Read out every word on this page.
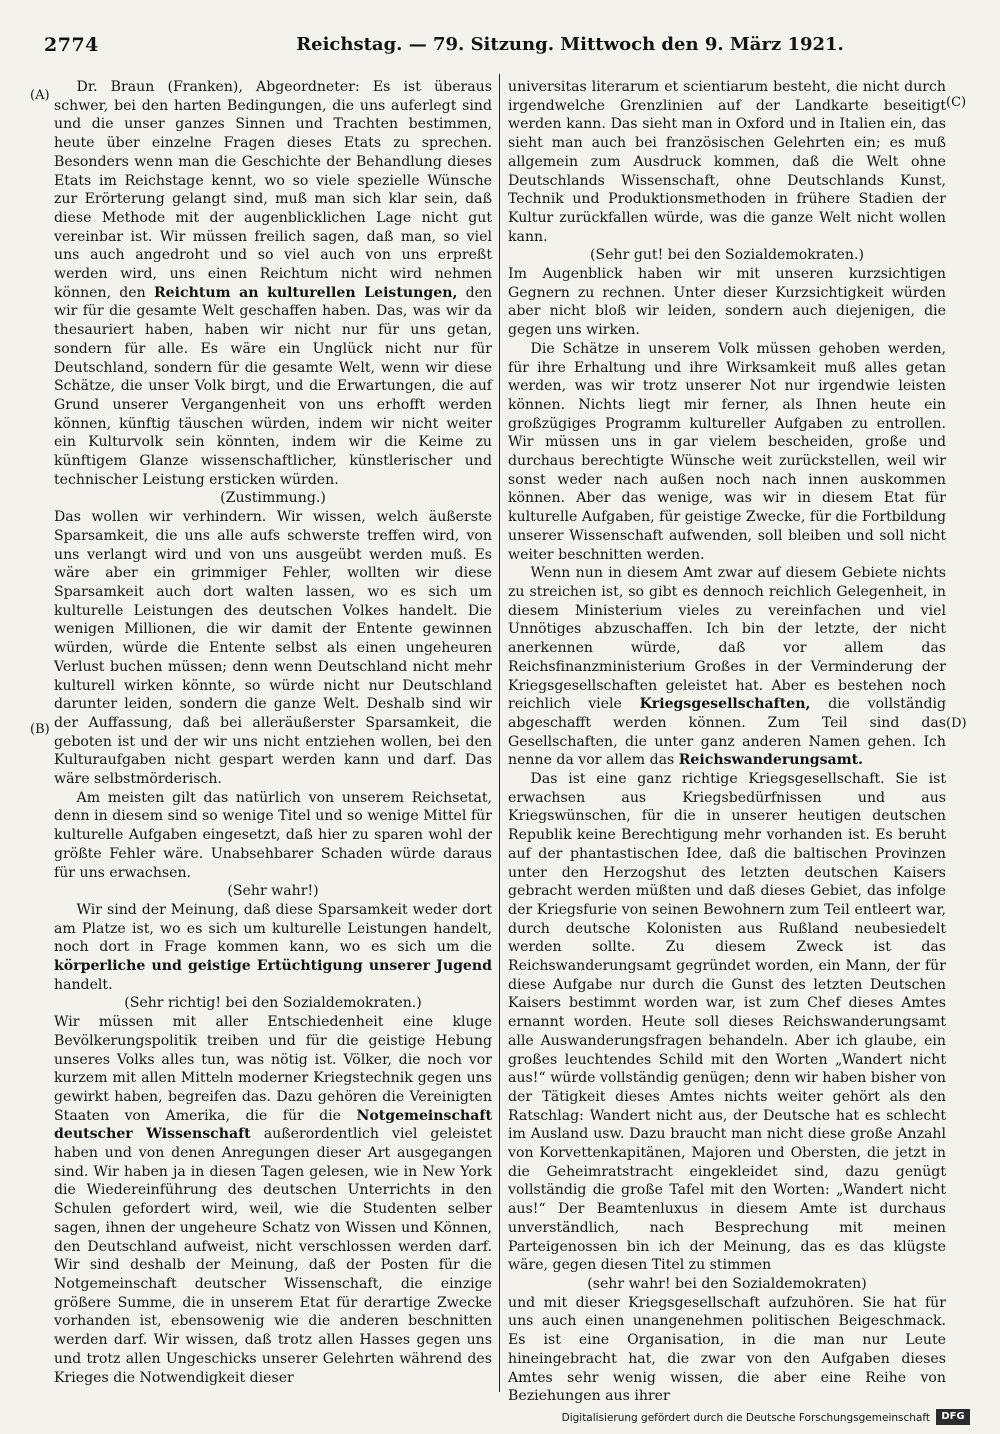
2774	Reichstag. — 79. Sitzung. Mittwoch den 9. März 1921.
(A)
(B)
(C)
(D)

Dr. Braun (Franken), Abgeordneter: Es ist überaus schwer, bei den harten Bedingungen, die uns auferlegt sind und die unser ganzes Sinnen und Trachten bestimmen, heute über einzelne Fragen dieses Etats zu sprechen. Besonders wenn man die Geschichte der Behandlung dieses Etats im Reichstage kennt, wo so viele spezielle Wünsche zur Erörterung gelangt sind, muß man sich klar sein, daß diese Methode mit der augenblicklichen Lage nicht gut vereinbar ist. Wir müssen freilich sagen, daß man, so viel uns auch angedroht und so viel auch von uns erpreßt werden wird, uns einen Reichtum nicht wird nehmen können, den Reichtum an kulturellen Leistungen, den wir für die gesamte Welt geschaffen haben. Das, was wir da thesauriert haben, haben wir nicht nur für uns getan, sondern für alle. Es wäre ein Unglück nicht nur für Deutschland, sondern für die gesamte Welt, wenn wir diese Schätze, die unser Volk birgt, und die Erwartungen, die auf Grund unserer Vergangenheit von uns erhofft werden können, künftig täuschen würden, indem wir nicht weiter ein Kulturvolk sein könnten, indem wir die Keime zu künftigem Glanze wissenschaftlicher, künstlerischer und technischer Leistung ersticken würden.

(Zustimmung.)

Das wollen wir verhindern. Wir wissen, welch äußerste Sparsamkeit, die uns alle aufs schwerste treffen wird, von uns verlangt wird und von uns ausgeübt werden muß. Es wäre aber ein grimmiger Fehler, wollten wir diese Sparsamkeit auch dort walten lassen, wo es sich um kulturelle Leistungen des deutschen Volkes handelt. Die wenigen Millionen, die wir damit der Entente gewinnen würden, würde die Entente selbst als einen ungeheuren Verlust buchen müssen; denn wenn Deutschland nicht mehr kulturell wirken könnte, so würde nicht nur Deutschland darunter leiden, sondern die ganze Welt. Deshalb sind wir der Auffassung, daß bei alleräußerster Sparsamkeit, die geboten ist und der wir uns nicht entziehen wollen, bei den Kulturaufgaben nicht gespart werden kann und darf. Das wäre selbstmörderisch.

Am meisten gilt das natürlich von unserem Reichsetat, denn in diesem sind so wenige Titel und so wenige Mittel für kulturelle Aufgaben eingesetzt, daß hier zu sparen wohl der größte Fehler wäre. Unabsehbarer Schaden würde daraus für uns erwachsen.

(Sehr wahr!)

Wir sind der Meinung, daß diese Sparsamkeit weder dort am Platze ist, wo es sich um kulturelle Leistungen handelt, noch dort in Frage kommen kann, wo es sich um die körperliche und geistige Ertüchtigung unserer Jugend handelt.

(Sehr richtig! bei den Sozialdemokraten.)

Wir müssen mit aller Entschiedenheit eine kluge Bevölkerungspolitik treiben und für die geistige Hebung unseres Volks alles tun, was nötig ist. Völker, die noch vor kurzem mit allen Mitteln moderner Kriegstechnik gegen uns gewirkt haben, begreifen das. Dazu gehören die Vereinigten Staaten von Amerika, die für die Notgemeinschaft deutscher Wissenschaft außerordentlich viel geleistet haben und von denen Anregungen dieser Art ausgegangen sind. Wir haben ja in diesen Tagen gelesen, wie in New York die Wiedereinführung des deutschen Unterrichts in den Schulen gefordert wird, weil, wie die Studenten selber sagen, ihnen der ungeheure Schatz von Wissen und Können, den Deutschland aufweist, nicht verschlossen werden darf. Wir sind deshalb der Meinung, daß der Posten für die Notgemeinschaft deutscher Wissenschaft, die einzige größere Summe, die in unserem Etat für derartige Zwecke vorhanden ist, ebensowenig wie die anderen beschnitten werden darf. Wir wissen, daß trotz allen Hasses gegen uns und trotz allen Ungeschicks unserer Gelehrten während des Krieges die Notwendigkeit dieser

universitas literarum et scientiarum besteht, die nicht durch irgendwelche Grenzlinien auf der Landkarte beseitigt werden kann. Das sieht man in Oxford und in Italien ein, das sieht man auch bei französischen Gelehrten ein; es muß allgemein zum Ausdruck kommen, daß die Welt ohne Deutschlands Wissenschaft, ohne Deutschlands Kunst, Technik und Produktionsmethoden in frühere Stadien der Kultur zurückfallen würde, was die ganze Welt nicht wollen kann.

(Sehr gut! bei den Sozialdemokraten.)

Im Augenblick haben wir mit unseren kurzsichtigen Gegnern zu rechnen. Unter dieser Kurzsichtigkeit würden aber nicht bloß wir leiden, sondern auch diejenigen, die gegen uns wirken.

Die Schätze in unserem Volk müssen gehoben werden, für ihre Erhaltung und ihre Wirksamkeit muß alles getan werden, was wir trotz unserer Not nur irgendwie leisten können. Nichts liegt mir ferner, als Ihnen heute ein großzügiges Programm kultureller Aufgaben zu entrollen. Wir müssen uns in gar vielem bescheiden, große und durchaus berechtigte Wünsche weit zurückstellen, weil wir sonst weder nach außen noch nach innen auskommen können. Aber das wenige, was wir in diesem Etat für kulturelle Aufgaben, für geistige Zwecke, für die Fortbildung unserer Wissenschaft aufwenden, soll bleiben und soll nicht weiter beschnitten werden.

Wenn nun in diesem Amt zwar auf diesem Gebiete nichts zu streichen ist, so gibt es dennoch reichlich Gelegenheit, in diesem Ministerium vieles zu vereinfachen und viel Unnötiges abzuschaffen. Ich bin der letzte, der nicht anerkennen würde, daß vor allem das Reichsfinanzministerium Großes in der Verminderung der Kriegsgesellschaften geleistet hat. Aber es bestehen noch reichlich viele Kriegsgesellschaften, die vollständig abgeschafft werden können. Zum Teil sind das Gesellschaften, die unter ganz anderen Namen gehen. Ich nenne da vor allem das Reichswanderungsamt.

Das ist eine ganz richtige Kriegsgesellschaft. Sie ist erwachsen aus Kriegsbedürfnissen und aus Kriegswünschen, für die in unserer heutigen deutschen Republik keine Berechtigung mehr vorhanden ist. Es beruht auf der phantastischen Idee, daß die baltischen Provinzen unter den Herzogshut des letzten deutschen Kaisers gebracht werden müßten und daß dieses Gebiet, das infolge der Kriegsfurie von seinen Bewohnern zum Teil entleert war, durch deutsche Kolonisten aus Rußland neubesiedelt werden sollte. Zu diesem Zweck ist das Reichswanderungsamt gegründet worden, ein Mann, der für diese Aufgabe nur durch die Gunst des letzten Deutschen Kaisers bestimmt worden war, ist zum Chef dieses Amtes ernannt worden. Heute soll dieses Reichswanderungsamt alle Auswanderungsfragen behandeln. Aber ich glaube, ein großes leuchtendes Schild mit den Worten „Wandert nicht aus!“ würde vollständig genügen; denn wir haben bisher von der Tätigkeit dieses Amtes nichts weiter gehört als den Ratschlag: Wandert nicht aus, der Deutsche hat es schlecht im Ausland usw. Dazu braucht man nicht diese große Anzahl von Korvettenkapitänen, Majoren und Obersten, die jetzt in die Geheimratstracht eingekleidet sind, dazu genügt vollständig die große Tafel mit den Worten: „Wandert nicht aus!“ Der Beamtenluxus in diesem Amte ist durchaus unverständlich, nach Besprechung mit meinen Parteigenossen bin ich der Meinung, das es das klügste wäre, gegen diesen Titel zu stimmen

(sehr wahr! bei den Sozialdemokraten)

und mit dieser Kriegsgesellschaft aufzuhören. Sie hat für uns auch einen unangenehmen politischen Beigeschmack. Es ist eine Organisation, in die man nur Leute hineingebracht hat, die zwar von den Aufgaben dieses Amtes sehr wenig wissen, die aber eine Reihe von Beziehungen aus ihrer

Digitalisierung gefördert durch die Deutsche Forschungsgemeinschaft	DFG
